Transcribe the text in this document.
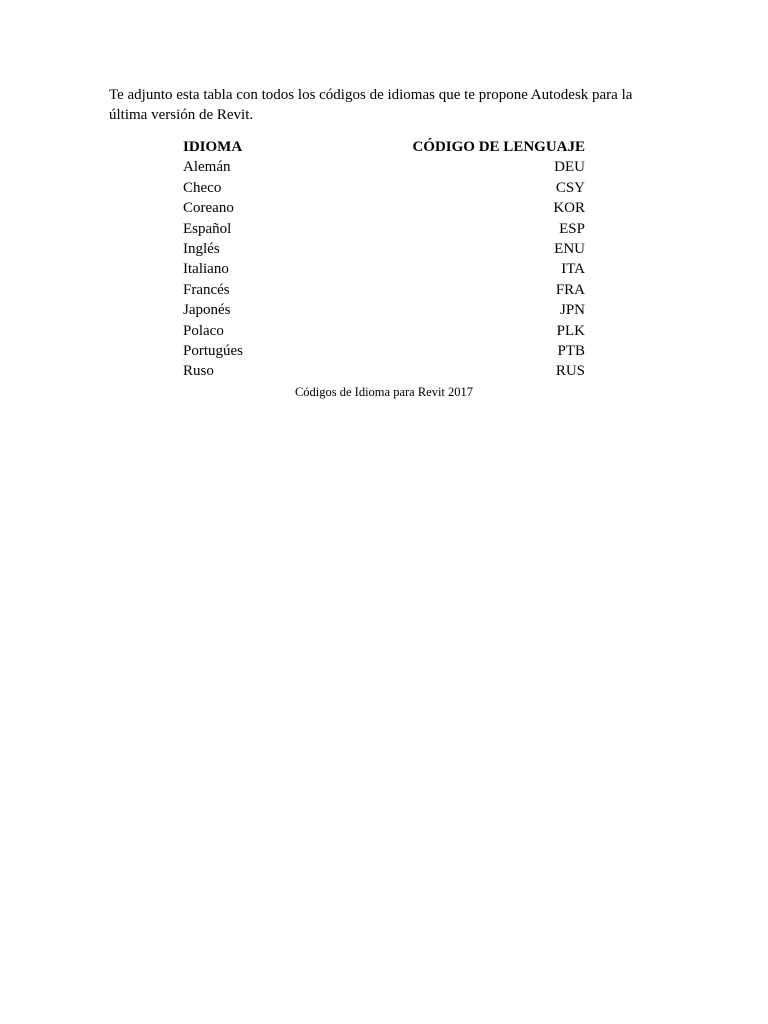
Te adjunto esta tabla con todos los códigos de idiomas que te propone Autodesk para la

última versión de Revit.

IDIOMA	CÓDIGO DE LENGUAJE
Alemán	DEU
Checo	CSY
Coreano	KOR
Español	ESP
Inglés	ENU
Italiano	ITA
Francés	FRA
Japonés	JPN
Polaco	PLK
Portugúes	PTB
Ruso	RUS
Códigos de Idioma para Revit 2017
